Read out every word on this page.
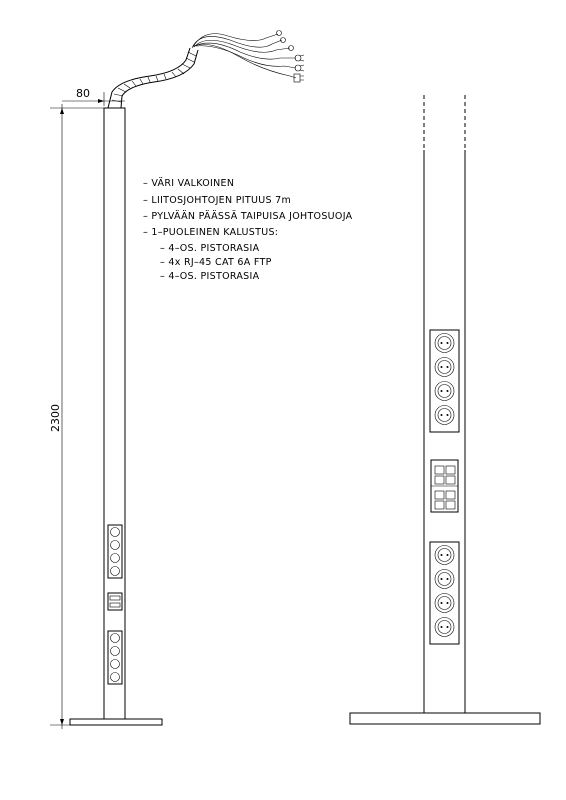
80
2300
– VÄRI VALKOINEN
– LIITOSJOHTOJEN PITUUS 7m
– PYLVÄÄN PÄÄSSÄ TAIPUISA JOHTOSUOJA
– 1–PUOLEINEN KALUSTUS:
– 4–OS. PISTORASIA
– 4x RJ–45 CAT 6A FTP
– 4–OS. PISTORASIA
